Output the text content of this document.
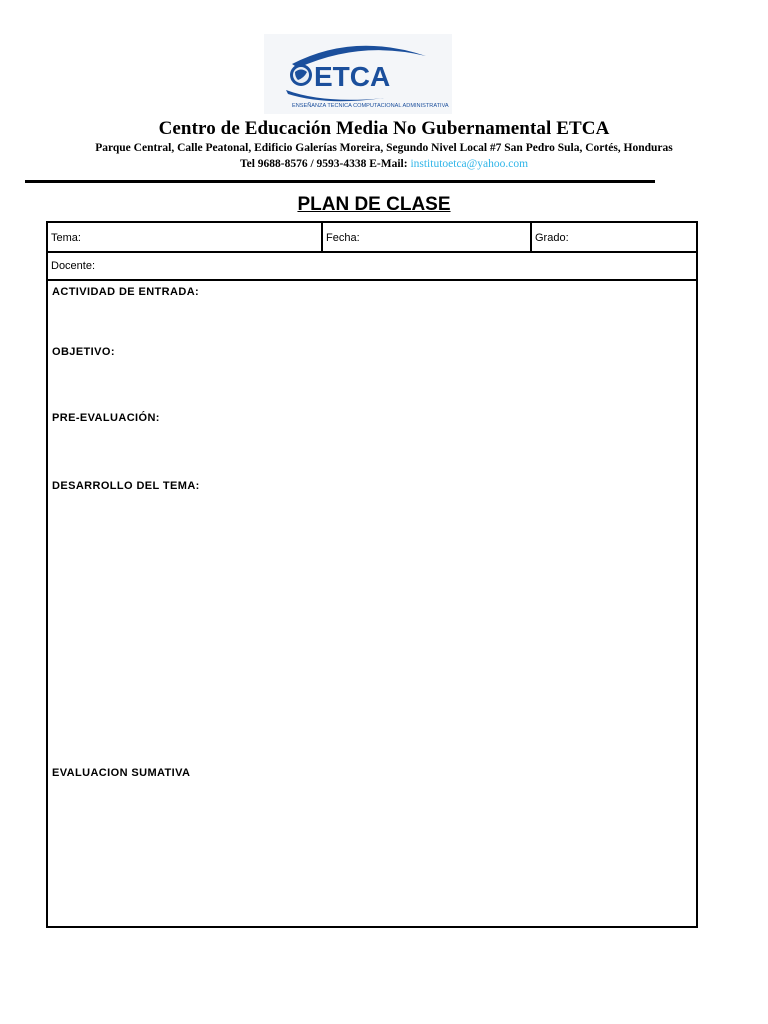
ETCA
ENSEÑANZA TECNICA COMPUTACIONAL ADMINISTRATIVA
Centro de Educación Media No Gubernamental ETCA
Parque Central, Calle Peatonal, Edificio Galerías Moreira, Segundo Nivel Local #7 San Pedro Sula, Cortés, Honduras
Tel 9688-8576 / 9593-4338 E-Mail: institutoetca@yahoo.com
PLAN DE CLASE
Tema:	Fecha:	Grado:
Docente:
ACTIVIDAD DE ENTRADA:
OBJETIVO:
PRE-EVALUACIÓN:
DESARROLLO DEL TEMA:
EVALUACION SUMATIVA
